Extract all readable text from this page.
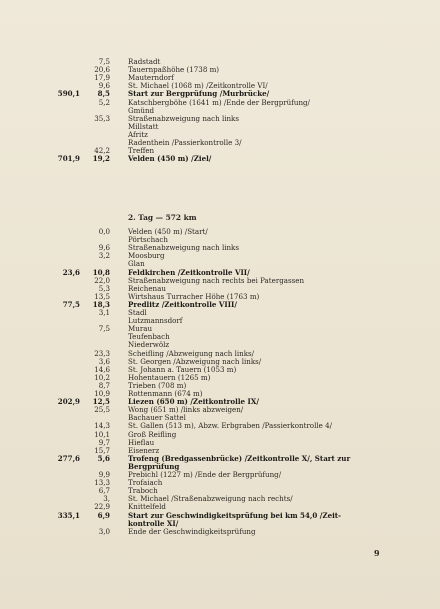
7,5	Radstadt
20,6	Tauernpaßhöhe (1738 m)
17,9	Mauterndorf
9,6	St. Michael (1068 m) /Zeitkontrolle VI/
590,1	8,5	Start zur Bergprüfung /Murbrücke/
5,2	Katschbergböhe (1641 m) /Ende der Bergprüfung/
Gmünd
35,3	Straßenabzweigung nach links
Millstatt
Afritz
Radenthein /Passierkontrolle 3/
42,2	Treffen
701,9	19,2	Velden (450 m) /Ziel/
2. Tag — 572 km
0,0	Velden (450 m) /Start/
Pörtschach
9,6	Straßenabzweigung nach links
3,2	Moosburg
Glan
23,6	10,8	Feldkirchen /Zeitkontrolle VII/
22,0	Straßenabzweigung nach rechts bei Patergassen
5,3	Reichenau
13,5	Wirtshaus Turracher Höhe (1763 m)
77,5	18,3	Predlitz /Zeitkontrolle VIII/
3,1	Stadl
Lutzmannsdorf
7,5	Murau
Teufenbach
Niederwölz
23,3	Scheifling /Abzweigung nach links/
3,6	St. Georgen /Abzweigung nach links/
14,6	St. Johann a. Tauern (1053 m)
10,2	Hohentauern (1265 m)
8,7	Trieben (708 m)
10,9	Rottenmann (674 m)
202,9	12,5	Liezen (650 m) /Zeitkontrolle IX/
25,5	Wong (651 m) /links abzweigen/
Bachauer Sattel
14,3	St. Gallen (513 m), Abzw. Erbgraben /Passierkontrolle 4/
10,1	Groß Reifling
9,7	Hieflau
15,7	Eisenerz
277,6	5,6	Trofeng (Bredgassenbrücke) /Zeitkontrolle X/, Start zur
Bergprüfung
9,9	Prebichl (1227 m) /Ende der Bergprüfung/
13,3	Trofaiach
6,7	Traboch
3,	St. Michael /Straßenabzweigung nach rechts/
22,9	Knittelfeld
335,1	6,9	Start zur Geschwindigkeitsprüfung bei km 54,0 /Zeit-
kontrolle XI/
3,0	Ende der Geschwindigkeitsprüfung
9
